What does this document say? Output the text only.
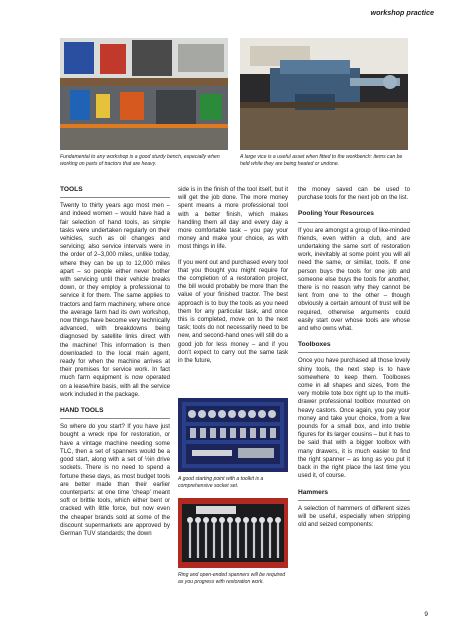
workshop practice
Fundamental to any workshop is a good sturdy bench, especially when working on parts of tractors that are heavy.
A large vice is a useful asset when fitted to the workbench: items can be held while they are being heated or undone.
TOOLS

Twenty to thirty years ago most men – and indeed women – would have had a fair selection of hand tools, as simple tasks were undertaken regularly on their vehicles, such as oil changes and servicing; also service intervals were in the order of 2–3,000 miles, unlike today, where they can be up to 12,000 miles apart – so people either never bother with servicing until their vehicle breaks down, or they employ a professional to service it for them. The same applies to tractors and farm machinery, where once the average farm had its own workshop, now things have become very technically advanced, with breakdowns being diagnosed by satellite links direct with the machine! This information is then downloaded to the local main agent, ready for when the machine arrives at their premises for service work. In fact much farm equipment is now operated on a lease/hire basis, with all the service work included in the package.

HAND TOOLS

So where do you start? If you have just bought a wreck ripe for restoration, or have a vintage machine needing some TLC, then a set of spanners would be a good start, along with a set of ½in drive sockets. There is no need to spend a fortune these days, as most budget tools are better made than their earlier counterparts: at one time ‘cheap’ meant soft or brittle tools, which either bent or cracked with little force, but now even the cheaper brands sold at some of the discount supermarkets are approved by German TUV standards; the down

side is in the finish of the tool itself, but it will get the job done. The more money spent means a more professional tool with a better finish, which makes handling them all day and every day a more comfortable task – you pay your money and make your choice, as with most things in life.

If you went out and purchased every tool that you thought you might require for the completion of a restoration project, the bill would probably be more than the value of your finished tractor. The best approach is to buy the tools as you need them for any particular task, and once this is completed, move on to the next task; tools do not necessarily need to be new, and second-hand ones will still do a good job for less money – and if you don’t expect to carry out the same task in the future,

A good starting point with a toolkit is a comprehensive socket set.
Ring and open-ended spanners will be required as you progress with restoration work.

the money saved can be used to purchase tools for the next job on the list.

Pooling Your Resources

If you are amongst a group of like-minded friends, even within a club, and are undertaking the same sort of restoration work, inevitably at some point you will all need the same, or similar, tools. If one person buys the tools for one job and someone else buys the tools for another, there is no reason why they cannot be lent from one to the other – though obviously a certain amount of trust will be required, otherwise arguments could easily start over whose tools are whose and who owns what.

Toolboxes

Once you have purchased all those lovely shiny tools, the next step is to have somewhere to keep them. Toolboxes come in all shapes and sizes, from the very mobile tote box right up to the multi-drawer professional toolbox mounted on heavy castors. Once again, you pay your money and take your choice, from a few pounds for a small box, and into treble figures for its larger cousins – but it has to be said that with a bigger toolbox with many drawers, it is much easier to find the right spanner – as long as you put it back in the right place the last time you used it, of course.

Hammers

A selection of hammers of different sizes will be useful, especially when stripping old and seized components:

9
